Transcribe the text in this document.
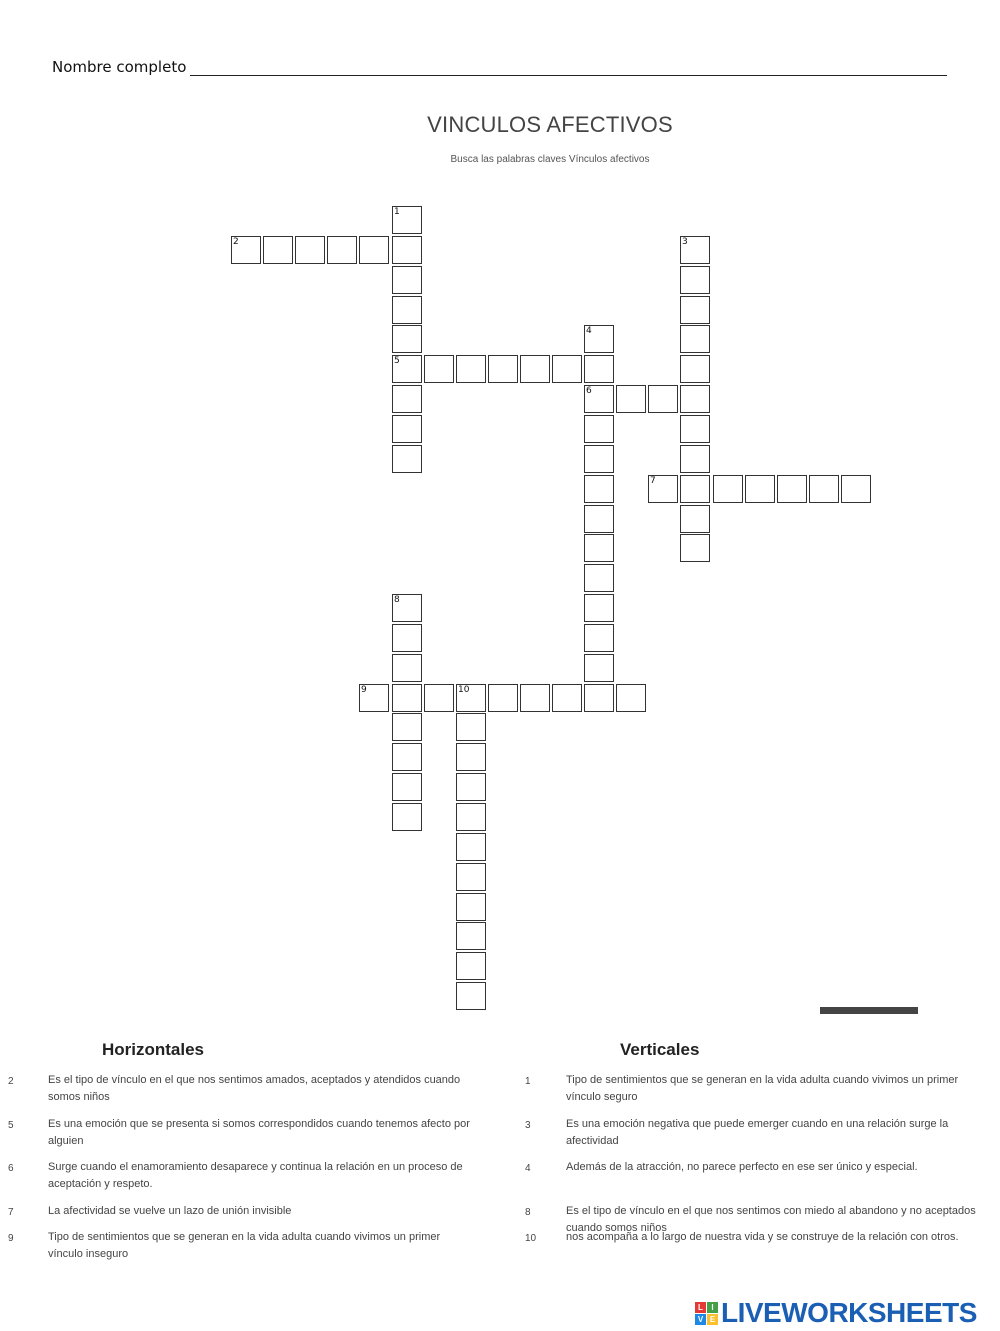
Nombre completo
VINCULOS AFECTIVOS
Busca las palabras claves Vínculos afectivos
1
5
2	3
4
6
7
8
9	10
Horizontales	Verticales
2	Es el tipo de vínculo en el que nos sentimos amados, aceptados y atendidos cuando somos niños
5	Es una emoción que se presenta si somos correspondidos cuando tenemos afecto por alguien
6	Surge cuando el enamoramiento desaparece y continua la relación en un proceso de aceptación y respeto.
7	La afectividad se vuelve un lazo de unión invisible
9	Tipo de sentimientos que se generan en la vida adulta cuando vivimos un primer vínculo inseguro
1	Tipo de sentimientos que se generan en la vida adulta cuando vivimos un primer vínculo seguro
3	Es una emoción negativa que puede emerger cuando en una relación surge la afectividad
4	Además de la atracción, no parece perfecto en ese ser único y especial.
8	Es el tipo de vínculo en el que nos sentimos con miedo al abandono y no aceptados cuando somos niños
10	nos acompaña a lo largo de nuestra vida y se construye de la relación con otros.
L	I
V E LIVEWORKSHEETS
